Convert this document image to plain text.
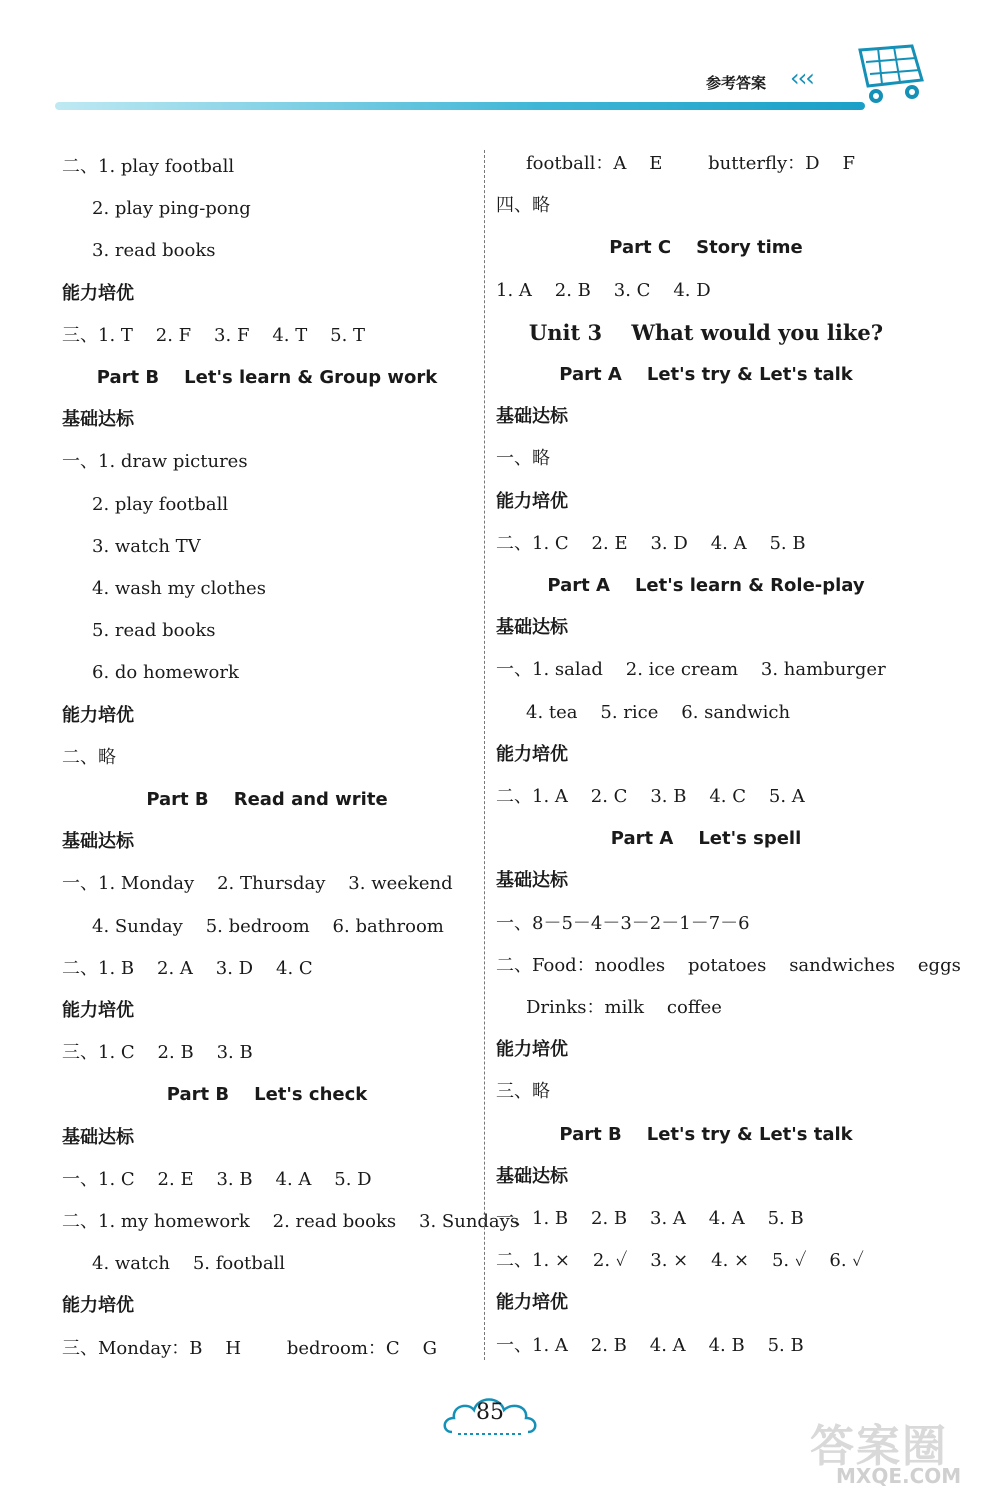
参考答案 ‹‹‹
二、1. play football
2. play ping-pong
3. read books
能力培优
三、1. T    2. F    3. F    4. T    5. T
Part B    Let's learn & Group work
基础达标
一、1. draw pictures
2. play football
3. watch TV
4. wash my clothes
5. read books
6. do homework
能力培优
二、略
Part B    Read and write
基础达标
一、1. Monday    2. Thursday    3. weekend
4. Sunday    5. bedroom    6. bathroom
二、1. B    2. A    3. D    4. C
能力培优
三、1. C    2. B    3. B
Part B    Let's check
基础达标
一、1. C    2. E    3. B    4. A    5. D
二、1. my homework    2. read books    3. Sundays
4. watch    5. football
能力培优
三、Monday：B    H        bedroom：C    G
football：A    E        butterfly：D    F
四、略
Part C    Story time
1. A    2. B    3. C    4. D
Unit 3    What would you like?
Part A    Let's try & Let's talk
基础达标
一、略
能力培优
二、1. C    2. E    3. D    4. A    5. B
Part A    Let's learn & Role-play
基础达标
一、1. salad    2. ice cream    3. hamburger
4. tea    5. rice    6. sandwich
能力培优
二、1. A    2. C    3. B    4. C    5. A
Part A    Let's spell
基础达标
一、8－5－4－3－2－1－7－6
二、Food：noodles    potatoes    sandwiches    eggs
Drinks：milk    coffee
能力培优
三、略
Part B    Let's try & Let's talk
基础达标
一、1. B    2. B    3. A    4. A    5. B
二、1. ×    2. ✓    3. ×    4. ×    5. ✓    6. ✓
能力培优
一、1. A    2. B    4. A    4. B    5. B
85
答案圈
MXQE.COM
